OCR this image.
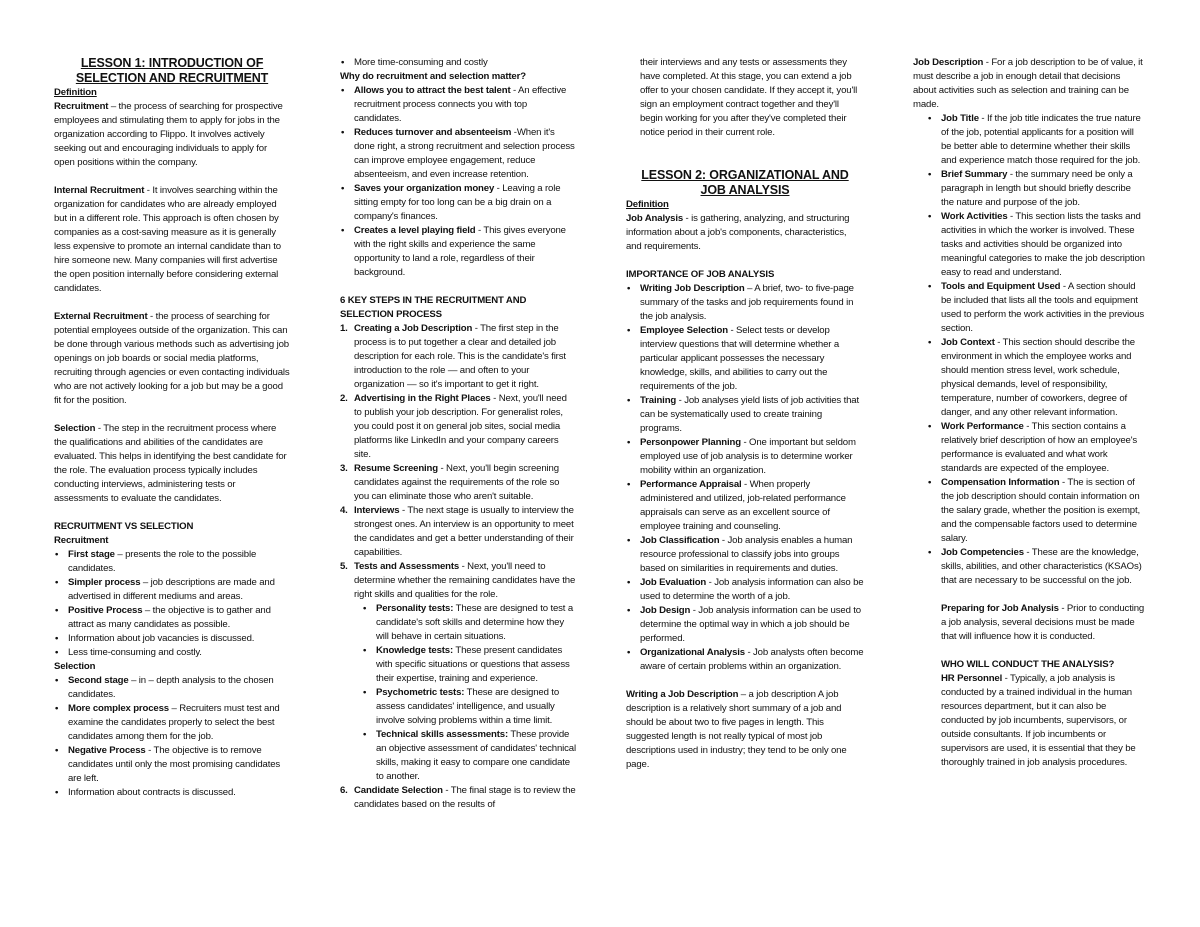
LESSON 1: INTRODUCTION OF
SELECTION AND RECRUITMENT

Definition

Recruitment – the process of searching for prospective employees and stimulating them to apply for jobs in the organization according to Flippo. It involves actively seeking out and encouraging individuals to apply for open positions within the company.

Internal Recruitment - It involves searching within the organization for candidates who are already employed but in a different role. This approach is often chosen by companies as a cost-saving measure as it is generally less expensive to promote an internal candidate than to hire someone new. Many companies will first advertise the open position internally before considering external candidates.

External Recruitment - the process of searching for potential employees outside of the organization. This can be done through various methods such as advertising job openings on job boards or social media platforms, recruiting through agencies or even contacting individuals who are not actively looking for a job but may be a good fit for the position.

Selection - The step in the recruitment process where the qualifications and abilities of the candidates are evaluated. This helps in identifying the best candidate for the role. The evaluation process typically includes conducting interviews, administering tests or assessments to evaluate the candidates.

RECRUITMENT VS SELECTION

Recruitment

• First stage – presents the role to the possible candidates.
• Simpler process – job descriptions are made and advertised in different mediums and areas.
• Positive Process – the objective is to gather and attract as many candidates as possible.
• Information about job vacancies is discussed.
• Less time-consuming and costly.

Selection

• Second stage – in – depth analysis to the chosen candidates.
• More complex process – Recruiters must test and examine the candidates properly to select the best candidates among them for the job.
• Negative Process - The objective is to remove candidates until only the most promising candidates are left.
• Information about contracts is discussed.
• More time-consuming and costly

Why do recruitment and selection matter?

• Allows you to attract the best talent - An effective recruitment process connects you with top candidates.
• Reduces turnover and absenteeism -When it's done right, a strong recruitment and selection process can improve employee engagement, reduce absenteeism, and even increase retention.
• Saves your organization money - Leaving a role sitting empty for too long can be a big drain on a company's finances.
• Creates a level playing field - This gives everyone with the right skills and experience the same opportunity to land a role, regardless of their background.

6 KEY STEPS IN THE RECRUITMENT AND SELECTION PROCESS

1. Creating a Job Description - The first step in the process is to put together a clear and detailed job description for each role. This is the candidate's first introduction to the role — and often to your organization — so it's important to get it right.
2. Advertising in the Right Places - Next, you'll need to publish your job description. For generalist roles, you could post it on general job sites, social media platforms like LinkedIn and your company careers site.
3. Resume Screening - Next, you'll begin screening candidates against the requirements of the role so you can eliminate those who aren't suitable.
4. Interviews - The next stage is usually to interview the strongest ones. An interview is an opportunity to meet the candidates and get a better understanding of their capabilities.
5. Tests and Assessments - Next, you'll need to determine whether the remaining candidates have the right skills and qualities for the role.
• Personality tests: These are designed to test a candidate's soft skills and determine how they will behave in certain situations.
• Knowledge tests: These present candidates with specific situations or questions that assess their expertise, training and experience.
• Psychometric tests: These are designed to assess candidates' intelligence, and usually involve solving problems within a time limit.
• Technical skills assessments: These provide an objective assessment of candidates' technical skills, making it easy to compare one candidate to another.
6. Candidate Selection - The final stage is to review the candidates based on the results of

their interviews and any tests or assessments they have completed. At this stage, you can extend a job offer to your chosen candidate. If they accept it, you'll sign an employment contract together and they'll begin working for you after they've completed their notice period in their current role.

LESSON 2: ORGANIZATIONAL AND
JOB ANALYSIS

Definition

Job Analysis - is gathering, analyzing, and structuring information about a job's components, characteristics, and requirements.

IMPORTANCE OF JOB ANALYSIS

• Writing Job Description – A brief, two- to five-page summary of the tasks and job requirements found in the job analysis.
• Employee Selection - Select tests or develop interview questions that will determine whether a particular applicant possesses the necessary knowledge, skills, and abilities to carry out the requirements of the job.
• Training - Job analyses yield lists of job activities that can be systematically used to create training programs.
• Personpower Planning - One important but seldom employed use of job analysis is to determine worker mobility within an organization.
• Performance Appraisal - When properly administered and utilized, job-related performance appraisals can serve as an excellent source of employee training and counseling.
• Job Classification - Job analysis enables a human resource professional to classify jobs into groups based on similarities in requirements and duties.
• Job Evaluation - Job analysis information can also be used to determine the worth of a job.
• Job Design - Job analysis information can be used to determine the optimal way in which a job should be performed.
• Organizational Analysis - Job analysts often become aware of certain problems within an organization.

Writing a Job Description – a job description A job description is a relatively short summary of a job and should be about two to five pages in length. This suggested length is not really typical of most job descriptions used in industry; they tend to be only one page.

Job Description - For a job description to be of value, it must describe a job in enough detail that decisions about activities such as selection and training can be made.

• Job Title - If the job title indicates the true nature of the job, potential applicants for a position will be better able to determine whether their skills and experience match those required for the job.
• Brief Summary - the summary need be only a paragraph in length but should briefly describe the nature and purpose of the job.
• Work Activities - This section lists the tasks and activities in which the worker is involved. These tasks and activities should be organized into meaningful categories to make the job description easy to read and understand.
• Tools and Equipment Used - A section should be included that lists all the tools and equipment used to perform the work activities in the previous section.
• Job Context - This section should describe the environment in which the employee works and should mention stress level, work schedule, physical demands, level of responsibility, temperature, number of coworkers, degree of danger, and any other relevant information.
• Work Performance - This section contains a relatively brief description of how an employee's performance is evaluated and what work standards are expected of the employee.
• Compensation Information - The is section of the job description should contain information on the salary grade, whether the position is exempt, and the compensable factors used to determine salary.
• Job Competencies - These are the knowledge, skills, abilities, and other characteristics (KSAOs) that are necessary to be successful on the job.

Preparing for Job Analysis - Prior to conducting a job analysis, several decisions must be made that will influence how it is conducted.

WHO WILL CONDUCT THE ANALYSIS?

HR Personnel - Typically, a job analysis is conducted by a trained individual in the human resources department, but it can also be conducted by job incumbents, supervisors, or outside consultants. If job incumbents or supervisors are used, it is essential that they be thoroughly trained in job analysis procedures.
